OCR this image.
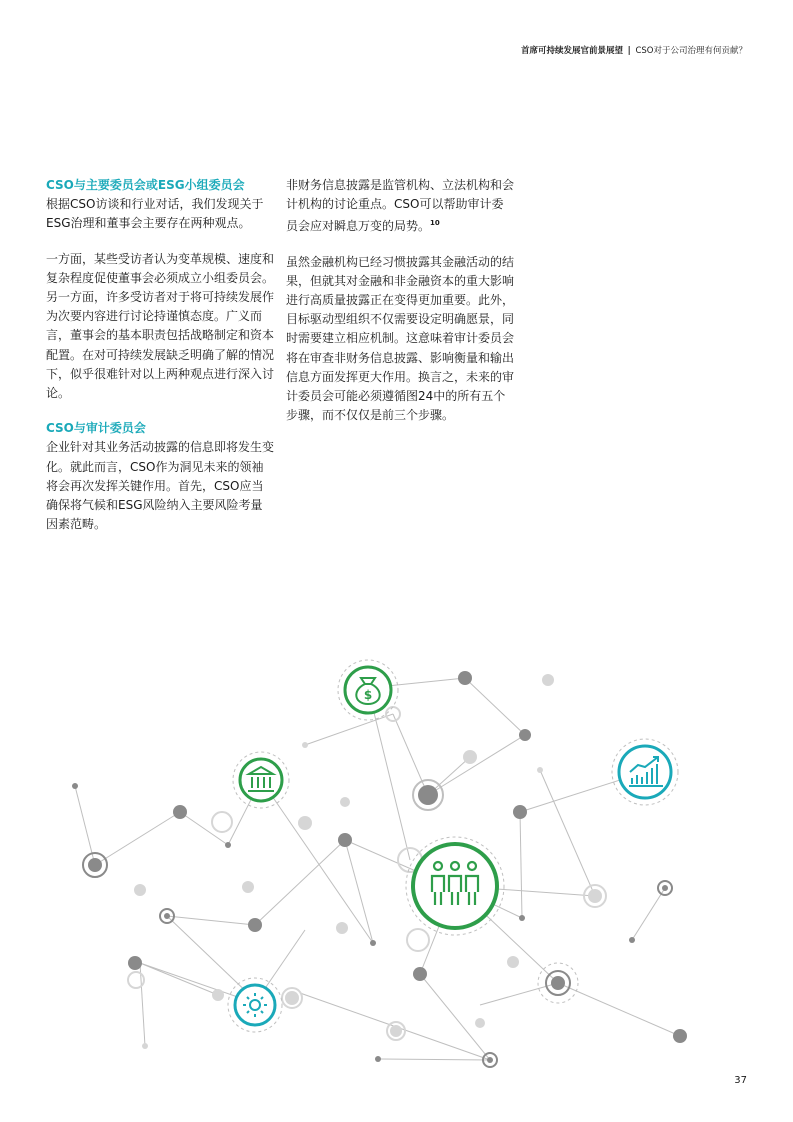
首席可持续发展官前景展望 | CSO对于公司治理有何贡献？
CSO与主要委员会或ESG小组委员会

根据CSO访谈和行业对话，我们发现关于ESG治理和董事会主要存在两种观点。

一方面，某些受访者认为变革规模、速度和复杂程度促使董事会必须成立小组委员会。另一方面，许多受访者对于将可持续发展作为次要内容进行讨论持谨慎态度。广义而言，董事会的基本职责包括战略制定和资本配置。在对可持续发展缺乏明确了解的情况下，似乎很难针对以上两种观点进行深入讨论。

CSO与审计委员会

企业针对其业务活动披露的信息即将发生变化。就此而言，CSO作为洞见未来的领袖将会再次发挥关键作用。首先，CSO应当确保将气候和ESG风险纳入主要风险考量因素范畴。

非财务信息披露是监管机构、立法机构和会计机构的讨论重点。CSO可以帮助审计委员会应对瞬息万变的局势。$^{10}$

虽然金融机构已经习惯披露其金融活动的结果，但就其对金融和非金融资本的重大影响进行高质量披露正在变得更加重要。此外，目标驱动型组织不仅需要设定明确愿景，同时需要建立相应机制。这意味着审计委员会将在审查非财务信息披露、影响衡量和输出信息方面发挥更大作用。换言之，未来的审计委员会可能必须遵循图24中的所有五个步骤，而不仅仅是前三个步骤。

$
37
